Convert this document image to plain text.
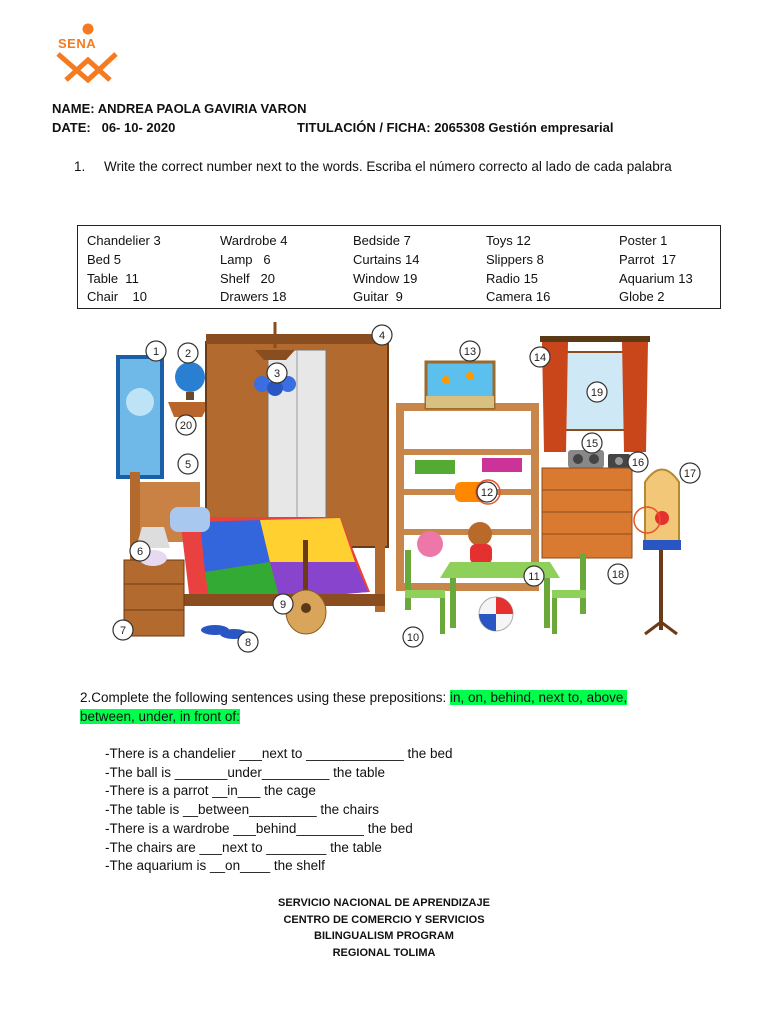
SENA
NAME: ANDREA PAOLA GAVIRIA VARON
DATE:   06- 10- 2020	TITULACIÓN / FICHA: 2065308 Gestión empresarial
1. Write the correct number next to the words. Escriba el número correcto al lado de cada palabra
Chandelier 3
Bed 5
Table  11
Chair    10
Wardrobe 4
Lamp   6
Shelf   20
Drawers 18
Bedside 7
Curtains 14
Window 19
Guitar  9
Toys 12
Slippers 8
Radio 15
Camera 16
Poster 1
Parrot  17
Aquarium 13
Globe 2
1 2
3
4
5
6
7
8
9
10
11
12
13	14
15
16
17
18
19
20
2.Complete the following sentences using these prepositions: in, on, behind, next to, above, between, under, in front of:
-There is a chandelier ___next to _____________ the bed
-The ball is _______under_________ the table
-There is a parrot __in___ the cage
-The table is __between_________ the chairs
-There is a wardrobe ___behind_________ the bed
-The chairs are ___next to ________ the table
-The aquarium is __on____ the shelf
SERVICIO NACIONAL DE APRENDIZAJE
CENTRO DE COMERCIO Y SERVICIOS
BILINGUALISM PROGRAM
REGIONAL TOLIMA
